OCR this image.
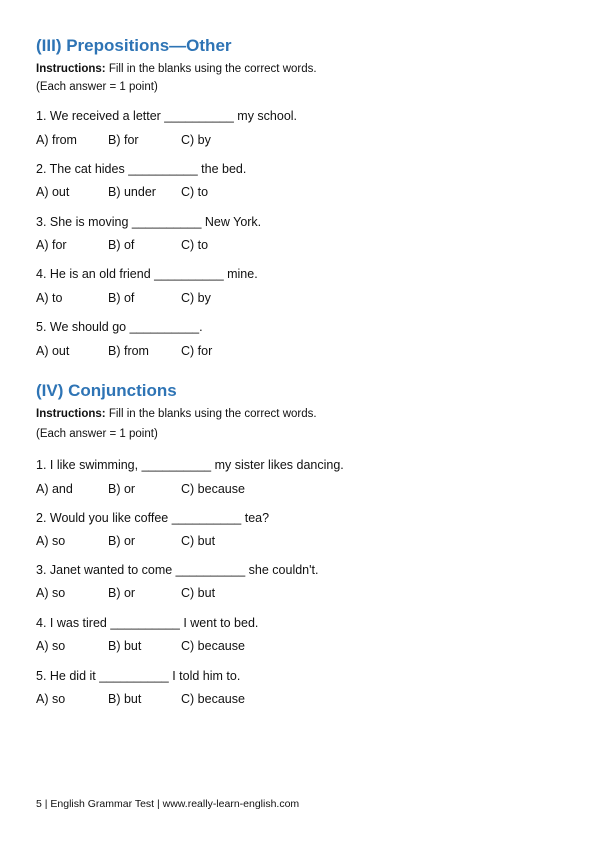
(III) Prepositions—Other
Instructions: Fill in the blanks using the correct words.
(Each answer = 1 point)
1. We received a letter __________ my school.
A) from B) for	C) by
2. The cat hides __________ the bed.
A) out	B) under C) to
3. She is moving __________ New York.
A) for	B) of	C) to
4. He is an old friend __________ mine.
A) to	B) of	C) by
5. We should go __________.
A) out	B) from	C) for
(IV) Conjunctions
Instructions: Fill in the blanks using the correct words.
(Each answer = 1 point)
1. I like swimming, __________ my sister likes dancing.
A) and	B) or	C) because
2. Would you like coffee __________ tea?
A) so	B) or	C) but
3. Janet wanted to come __________ she couldn't.
A) so	B) or	C) but
4. I was tired __________ I went to bed.
A) so	B) but	C) because
5. He did it __________ I told him to.
A) so	B) but	C) because
5 | English Grammar Test | www.really-learn-english.com
